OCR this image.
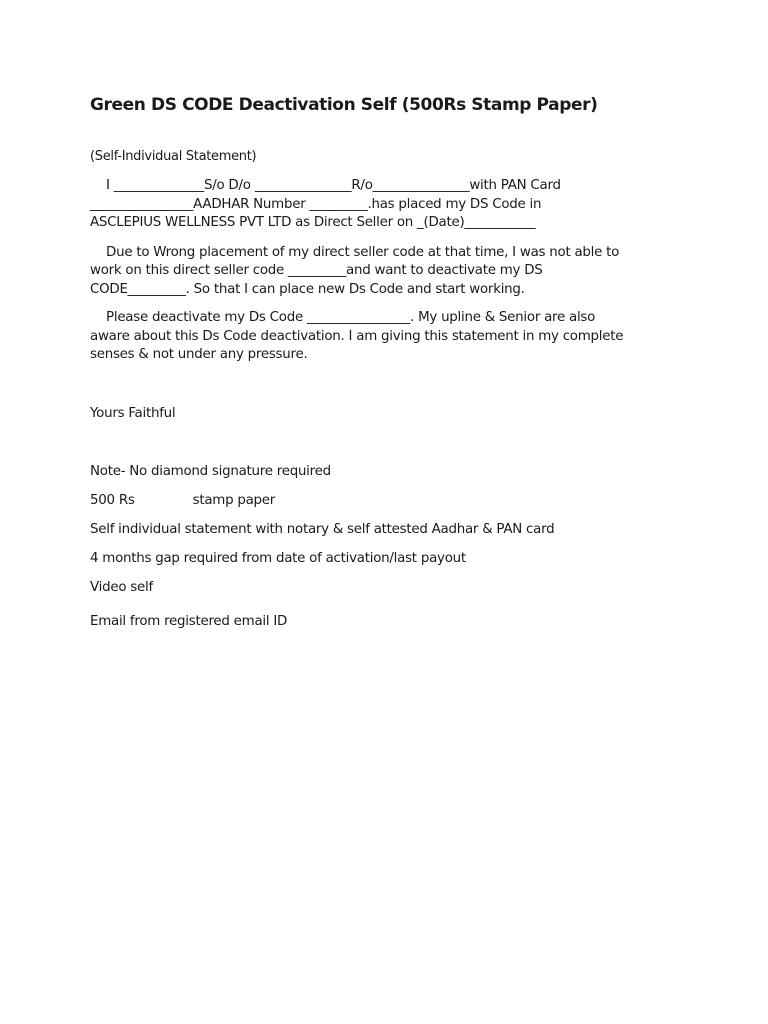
Green DS CODE Deactivation Self (500Rs Stamp Paper)
(Self-Individual Statement)
I ______________S/o D/o _______________R/o_______________with PAN Card
________________AADHAR Number _________.has placed my DS Code in
ASCLEPIUS WELLNESS PVT LTD as Direct Seller on _(Date)___________
Due to Wrong placement of my direct seller code at that time, I was not able to
work on this direct seller code _________and want to deactivate my DS
CODE_________. So that I can place new Ds Code and start working.
Please deactivate my Ds Code ________________. My upline & Senior are also
aware about this Ds Code deactivation. I am giving this statement in my complete
senses & not under any pressure.
Yours Faithful
Note- No diamond signature required
500 Rs	stamp paper
Self individual statement with notary & self attested Aadhar & PAN card
4 months gap required from date of activation/last payout
Video self
Email from registered email ID
